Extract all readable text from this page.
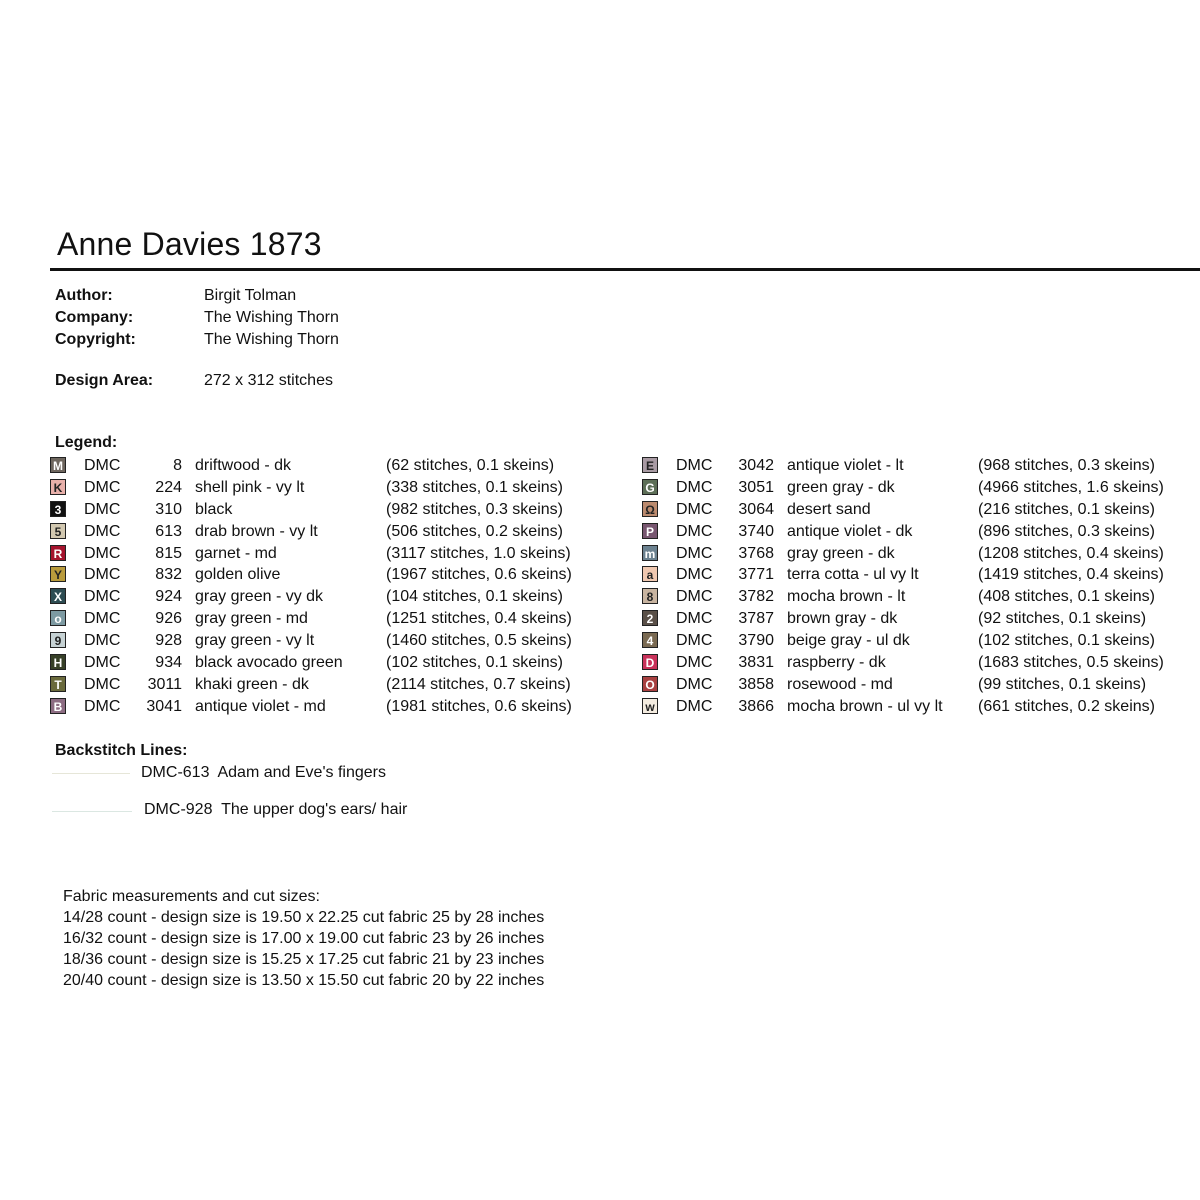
Anne Davies 1873
Author:	Birgit Tolman
Company:	The Wishing Thorn
Copyright:	The Wishing Thorn
Design Area:	272 x 312 stitches
Legend:
M DMC	8 driftwood - dk	(62 stitches, 0.1 skeins)
K DMC	224 shell pink - vy lt	(338 stitches, 0.1 skeins)
3 DMC	310 black	(982 stitches, 0.3 skeins)
5 DMC	613 drab brown - vy lt	(506 stitches, 0.2 skeins)
R DMC	815 garnet - md	(3117 stitches, 1.0 skeins)
Y DMC	832 golden olive	(1967 stitches, 0.6 skeins)
X DMC	924 gray green - vy dk	(104 stitches, 0.1 skeins)
o DMC	926 gray green - md	(1251 stitches, 0.4 skeins)
9 DMC	928 gray green - vy lt	(1460 stitches, 0.5 skeins)
H DMC	934 black avocado green	(102 stitches, 0.1 skeins)
T DMC	3011 khaki green - dk	(2114 stitches, 0.7 skeins)
B DMC	3041 antique violet - md	(1981 stitches, 0.6 skeins)
E DMC	3042 antique violet - lt	(968 stitches, 0.3 skeins)
G DMC	3051 green gray - dk	(4966 stitches, 1.6 skeins)
Ω DMC	3064 desert sand	(216 stitches, 0.1 skeins)
P DMC	3740 antique violet - dk	(896 stitches, 0.3 skeins)
m DMC	3768 gray green - dk	(1208 stitches, 0.4 skeins)
a DMC	3771 terra cotta - ul vy lt	(1419 stitches, 0.4 skeins)
8 DMC	3782 mocha brown - lt	(408 stitches, 0.1 skeins)
2 DMC	3787 brown gray - dk	(92 stitches, 0.1 skeins)
4 DMC	3790 beige gray - ul dk	(102 stitches, 0.1 skeins)
D DMC	3831 raspberry - dk	(1683 stitches, 0.5 skeins)
O DMC	3858 rosewood - md	(99 stitches, 0.1 skeins)
w DMC	3866 mocha brown - ul vy lt (661 stitches, 0.2 skeins)
Backstitch Lines:
DMC-613 Adam and Eve's fingers
DMC-928 The upper dog's ears/ hair
Fabric measurements and cut sizes:
14/28 count - design size is 19.50 x 22.25 cut fabric 25 by 28 inches
16/32 count - design size is 17.00 x 19.00 cut fabric 23 by 26 inches
18/36 count - design size is 15.25 x 17.25 cut fabric 21 by 23 inches
20/40 count - design size is 13.50 x 15.50 cut fabric 20 by 22 inches
